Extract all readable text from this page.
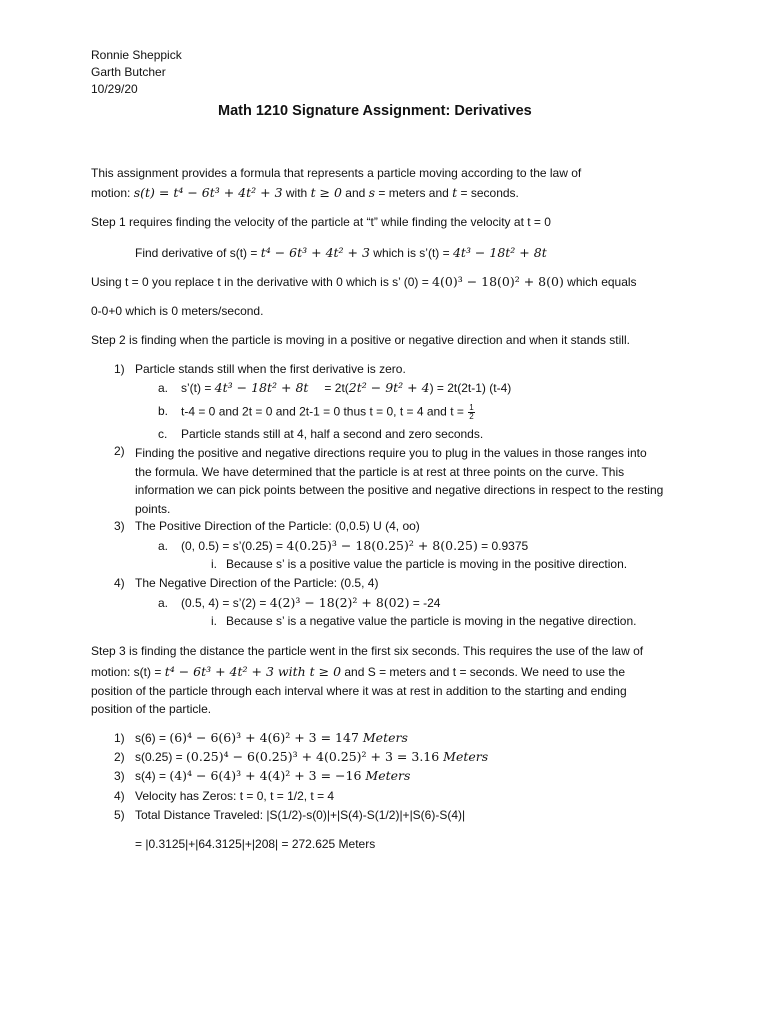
Ronnie Sheppick
Garth Butcher
10/29/20
Math 1210 Signature Assignment: Derivatives
This assignment provides a formula that represents a particle moving according to the law of
motion: s(t) = t⁴ − 6t³ + 4t² + 3 with t ≥ 0 and s = meters and t = seconds.
Step 1 requires finding the velocity of the particle at “t” while finding the velocity at t = 0
Find derivative of s(t) = t⁴ − 6t³ + 4t² + 3 which is s’(t) = 4t³ − 18t² + 8t
Using t = 0 you replace t in the derivative with 0 which is s’ (0) = 4(0)³ − 18(0)² + 8(0) which equals
0-0+0 which is 0 meters/second.
Step 2 is finding when the particle is moving in a positive or negative direction and when it stands still.
1) Particle stands still when the first derivative is zero.
a. s’(t) = 4t³ − 18t² + 8t = 2t(2t² − 9t² + 4) = 2t(2t-1) (t-4)
b. t-4 = 0 and 2t = 0 and 2t-1 = 0 thus t = 0, t = 4 and $t = \frac{1}{2}$
c. Particle stands still at 4, half a second and zero seconds.
2) Finding the positive and negative directions require you to plug in the values in those ranges into the formula. We have determined that the particle is at rest at three points on the curve. This information we can pick points between the positive and negative directions in respect to the resting points.
3) The Positive Direction of the Particle: (0,0.5) U (4, oo)
a. (0, 0.5) = s’(0.25) = 4(0.25)³ − 18(0.25)² + 8(0.25) = 0.9375
i. Because s’ is a positive value the particle is moving in the positive direction.
4) The Negative Direction of the Particle: (0.5, 4)
a. (0.5, 4) = s’(2) = 4(2)³ − 18(2)² + 8(02) = -24
i. Because s’ is a negative value the particle is moving in the negative direction.
Step 3 is finding the distance the particle went in the first six seconds. This requires the use of the law of
motion: s(t) = t⁴ − 6t³ + 4t² + 3 with t ≥ 0 and S = meters and t = seconds. We need to use the
position of the particle through each interval where it was at rest in addition to the starting and ending
position of the particle.
1) s(6) = (6)⁴ − 6(6)³ + 4(6)² + 3 = 147 Meters
2) s(0.25) = (0.25)⁴ − 6(0.25)³ + 4(0.25)² + 3 = 3.16 Meters
3) s(4) = (4)⁴ − 6(4)³ + 4(4)² + 3 = −16 Meters
4) Velocity has Zeros: t = 0, t = 1/2, t = 4
5) Total Distance Traveled: |S(1/2)-s(0)|+|S(4)-S(1/2)|+|S(6)-S(4)|
= |0.3125|+|64.3125|+|208| = 272.625 Meters
